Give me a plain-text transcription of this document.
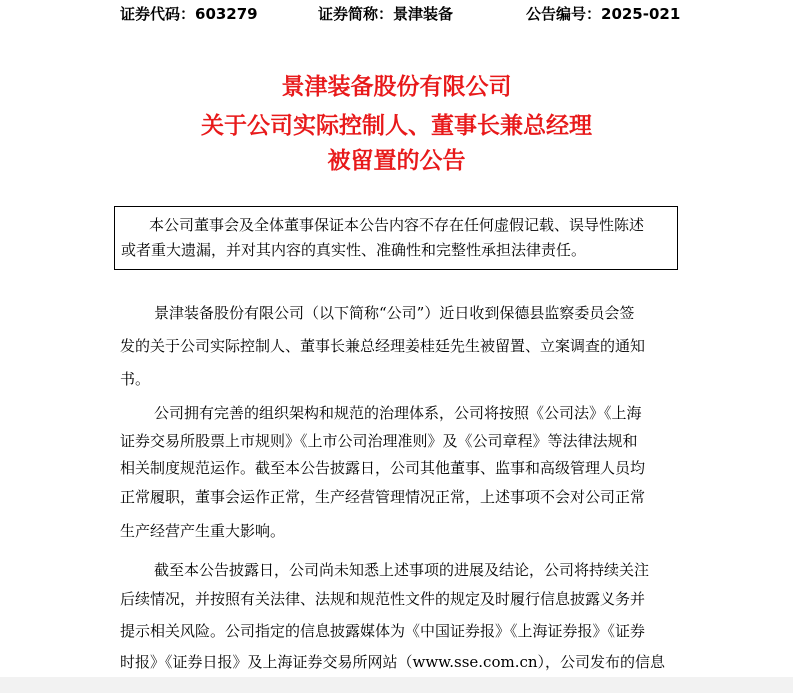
证券代码：603279	证券简称：景津装备	公告编号：2025-021
景津装备股份有限公司
关于公司实际控制人、董事长兼总经理
被留置的公告
本公司董事会及全体董事保证本公告内容不存在任何虚假记载、误导性陈述
或者重大遗漏，并对其内容的真实性、准确性和完整性承担法律责任。
景津装备股份有限公司（以下简称“公司”）近日收到保德县监察委员会签
发的关于公司实际控制人、董事长兼总经理姜桂廷先生被留置、立案调查的通知
书。
公司拥有完善的组织架构和规范的治理体系，公司将按照《公司法》《上海
证券交易所股票上市规则》《上市公司治理准则》及《公司章程》等法律法规和
相关制度规范运作。截至本公告披露日，公司其他董事、监事和高级管理人员均
正常履职，董事会运作正常，生产经营管理情况正常，上述事项不会对公司正常
生产经营产生重大影响。
截至本公告披露日，公司尚未知悉上述事项的进展及结论，公司将持续关注
后续情况，并按照有关法律、法规和规范性文件的规定及时履行信息披露义务并
提示相关风险。公司指定的信息披露媒体为《中国证券报》《上海证券报》《证券
时报》《证券日报》及上海证券交易所网站（www.sse.com.cn），公司发布的信息
